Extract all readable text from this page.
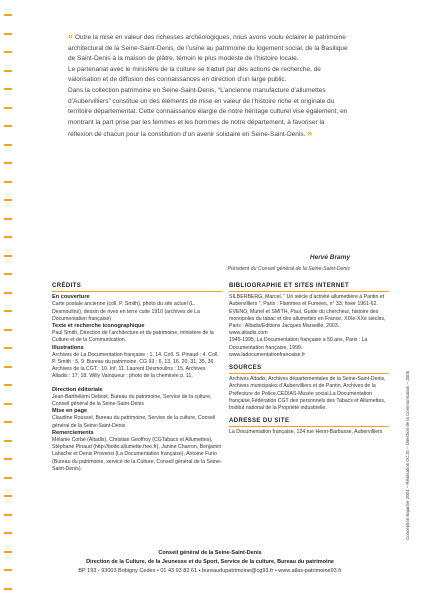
« Outre la mise en valeur des richesses archéologiques, nous avons voulu éclairer le patrimoine architectural de la Seine-Saint-Denis, de l’usine au patrimoine du logement social, de la Basilique de Saint-Denis à la maison de plâtre, témoin le plus modeste de l’histoire locale.

Le partenariat avec le ministère de la culture se traduit par des actions de recherche, de valorisation et de diffusion des connaissances en direction d’un large public.

Dans la collection patrimoine en Seine-Saint-Denis, “L’ancienne manufacture d’allumettes d’Aubervilliers” constitue un des éléments de mise en valeur de l’histoire riche et originale du territoire départemental. Cette connaissance élargie de notre héritage culturel vise également, en montrant la part prise par les femmes et les hommes de notre département, à favoriser la réflexion de chacun pour la constitution d’un avenir solidaire en Seine-Saint-Denis. »

Hervé Bramy
Président du Conseil général de la Seine-Saint-Denis
CRÉDITS
En couverture
Carte postale ancienne (coll. P. Smith), photo du site actuel (L. Desmoulins), dessin de rives en terre cuite 1910 (archives de La Documentation française)
Texte et recherche iconographique
Paul Smith, Direction de l’architecture et du patrimoine, ministère de la Culture et de la Communication.
Illustrations
Archives de La Documentation française : 1, 14. Coll. S. Pinaud : 4. Coll. P. Smith : 5, 9. Bureau du patrimoine, CG 93 : 6, 13, 16, 20, 31, 35, 36. Archives de la CGT : 10. Inf. 11. Laurent Desmoulins : 15. Archives Altadis : 17, 18. Willy Vainqueur : photo de la cheminée p. 11.
Direction éditoriale
Jean-Barthélémi Debost, Bureau du patrimoine, Service de la culture, Conseil général de la Seine-Saint-Denis
Mise en page
Claudine Roussel, Bureau du patrimoine, Service de la culture, Conseil général de la Seine-Saint-Denis
Remerciements
Mélanie Corbé (Altadis), Christian Geoffroy (CGTabacs et Allumettes), Stéphane Pinaud (http://boite.allumette.free.fr), Janine Charron, Benjamin Lahache et Denis Provensi (La Documentation française), Antoine Furio (Bureau du patrimoine, service de la Culture, Conseil général de la Seine-Saint-Denis).
BIBLIOGRAPHIE ET SITES INTERNET
SILBERBERG, Marcel, “ Un siècle d’activité allumettière à Pantin et Aubervilliers ”, Paris : Flammes et Fumées, n° 33, hiver 1961-62.
EVENO, Muriel et SMITH, Paul, Guide du chercheur, histoire des monopoles du tabac et des allumettes en France, XIXe-XXe siècles, Paris : Altadis/Editions Jacques Marseille, 2003.
www.altadis.com
1945-1995, La Documentation française a 50 ans, Paris : La Documentation française, 1999.
www.ladocumentationfrancaise.fr
SOURCES
Archives Altadis, Archives départementales de la Seine-Saint-Denis, Archives municipales d’Aubervilliers et de Pantin, Archives de la Préfecture de Police,CEDIAS-Musée social,La Documentation française,Fédération CGT des personnels des Tabacs et Allumettes, Institut national de la Propriété industrielle.
ADRESSE DU SITE
La Documentation française, 124 rue Henri-Barbusse, Aubervilliers
Conseil général de la Seine-Saint-Denis
Direction de la Culture, de la Jeunesse et du Sport, Service de la culture, Bureau du patrimoine
BP 193 - 93003 Bobigny Cedex • 01 43 93 82 61 • bureaudupatrimoine@cg93.fr • www.atlas-patrimoine93.fr
Conception Bajarine 2004 – Réalisation DCJS – Direction de la Communication – 2006
